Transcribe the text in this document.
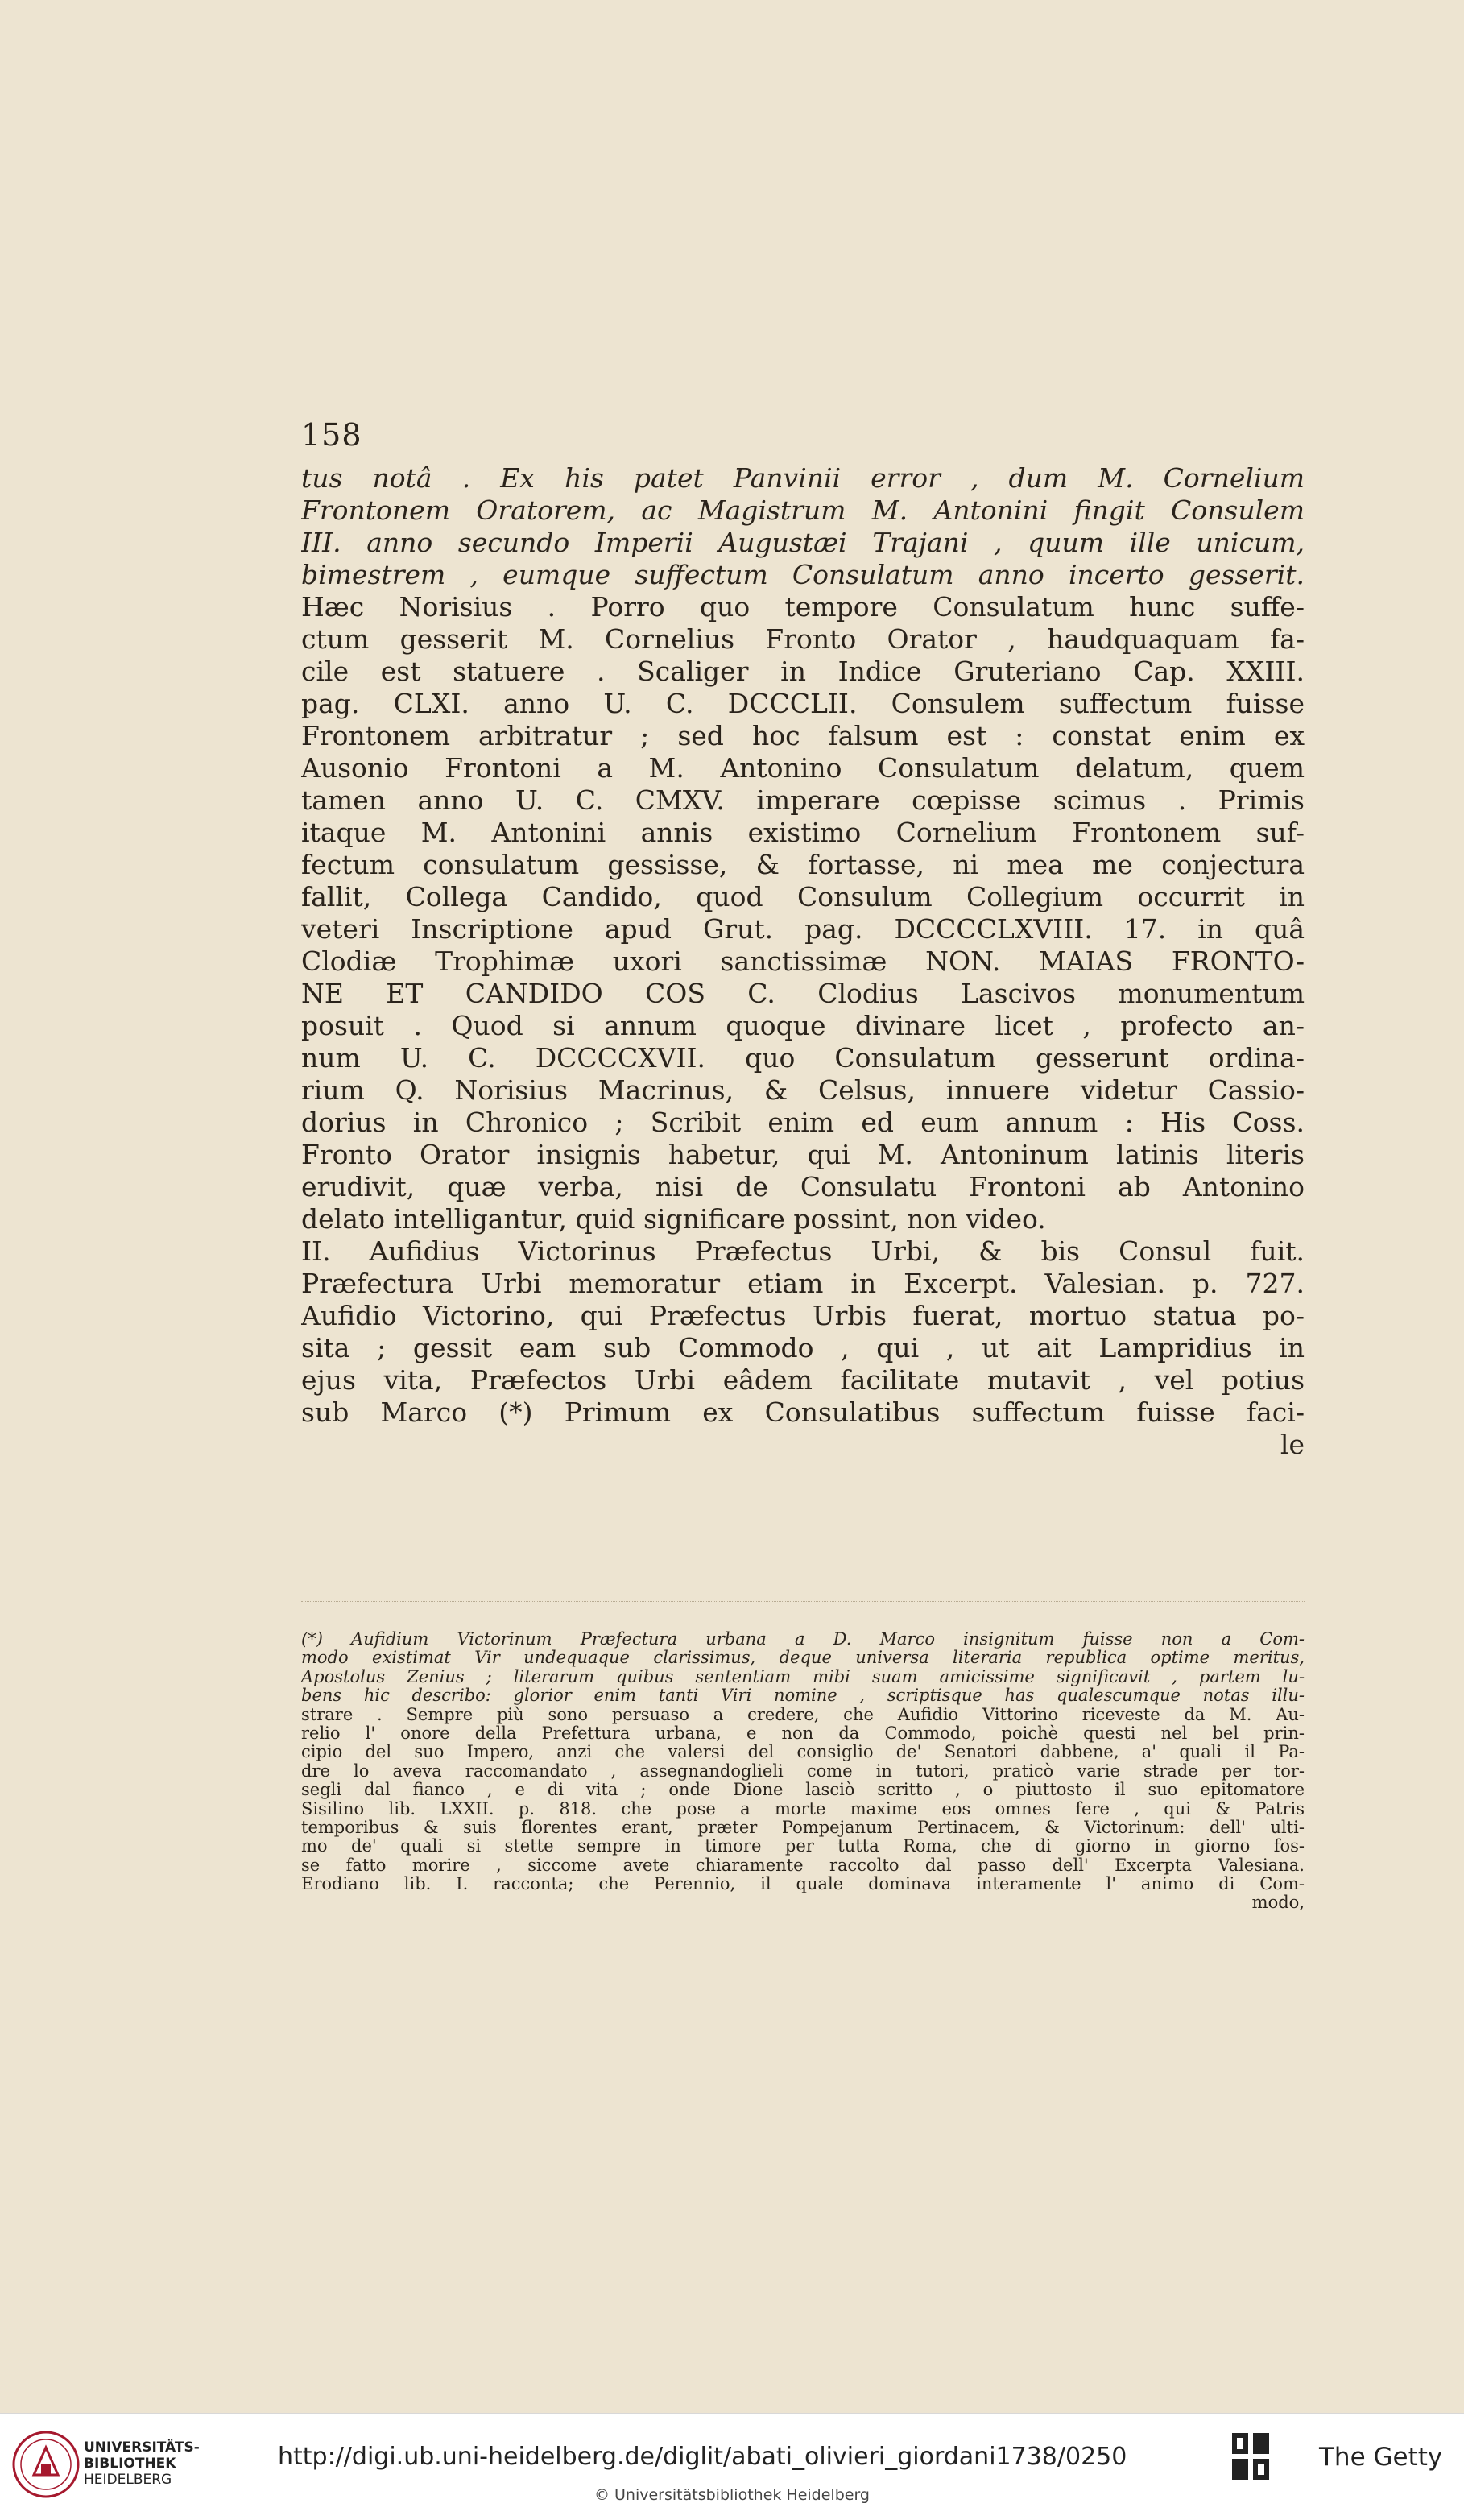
158
tus notâ . Ex his patet Panvinii error , dum M. Cornelium
Frontonem Oratorem, ac Magistrum M. Antonini fingit Consulem
III. anno secundo Imperii Augustæi Trajani , quum ille unicum,
bimestrem , eumque suffectum Consulatum anno incerto gesserit.
Hæc Norisius . Porro quo tempore Consulatum hunc suffe-
ctum gesserit M. Cornelius Fronto Orator , haudquaquam fa-
cile est statuere . Scaliger in Indice Gruteriano Cap. XXIII.
pag. CLXI. anno U. C. DCCCLII. Consulem suffectum fuisse
Frontonem arbitratur ; sed hoc falsum est : constat enim ex
Ausonio Frontoni a M. Antonino Consulatum delatum, quem
tamen anno U. C. CMXV. imperare cœpisse scimus . Primis
itaque M. Antonini annis existimo Cornelium Frontonem suf-
fectum consulatum gessisse, & fortasse, ni mea me conjectura
fallit, Collega Candido, quod Consulum Collegium occurrit in
veteri Inscriptione apud Grut. pag. DCCCCLXVIII. 17. in quâ
Clodiæ Trophimæ uxori sanctissimæ NON. MAIAS FRONTO-
NE ET CANDIDO COS C. Clodius Lascivos monumentum
posuit . Quod si annum quoque divinare licet , profecto an-
num U. C. DCCCCXVII. quo Consulatum gesserunt ordina-
rium Q. Norisius Macrinus, & Celsus, innuere videtur Cassio-
dorius in Chronico ; Scribit enim ed eum annum : His Coss.
Fronto Orator insignis habetur, qui M. Antoninum latinis literis
erudivit, quæ verba, nisi de Consulatu Frontoni ab Antonino
delato intelligantur, quid significare possint, non video.
II. Aufidius Victorinus Præfectus Urbi, & bis Consul fuit.
Præfectura Urbi memoratur etiam in Excerpt. Valesian. p. 727.
Aufidio Victorino, qui Præfectus Urbis fuerat, mortuo statua po-
sita ; gessit eam sub Commodo , qui , ut ait Lampridius in
ejus vita, Præfectos Urbi eâdem facilitate mutavit , vel potius
sub Marco (*) Primum ex Consulatibus suffectum fuisse faci-
le
(*) Aufidium Victorinum Præfectura urbana a D. Marco insignitum fuisse non a Com-
modo existimat Vir undequaque clarissimus, deque universa literaria republica optime meritus,
Apostolus Zenius ; literarum quibus sententiam mibi suam amicissime significavit , partem lu-
bens hic describo: glorior enim tanti Viri nomine , scriptisque has qualescumque notas illu-
strare . Sempre più sono persuaso a credere, che Aufidio Vittorino riceveste da M. Au-
relio l' onore della Prefettura urbana, e non da Commodo, poichè questi nel bel prin-
cipio del suo Impero, anzi che valersi del consiglio de' Senatori dabbene, a' quali il Pa-
dre lo aveva raccomandato , assegnandoglieli come in tutori, praticò varie strade per tor-
segli dal fianco , e di vita ; onde Dione lasciò scritto , o piuttosto il suo epitomatore
Sisilino lib. LXXII. p. 818. che pose a morte maxime eos omnes fere , qui & Patris
temporibus & suis florentes erant, præter Pompejanum Pertinacem, & Victorinum: dell' ulti-
mo de' quali si stette sempre in timore per tutta Roma, che di giorno in giorno fos-
se fatto morire , siccome avete chiaramente raccolto dal passo dell' Excerpta Valesiana.
Erodiano lib. I. racconta; che Perennio, il quale dominava interamente l' animo di Com-
modo,
UNIVERSITÄTS-
BIBLIOTHEK
HEIDELBERG
http://digi.ub.uni-heidelberg.de/diglit/abati_olivieri_giordani1738/0250
© Universitätsbibliothek Heidelberg
The Getty
